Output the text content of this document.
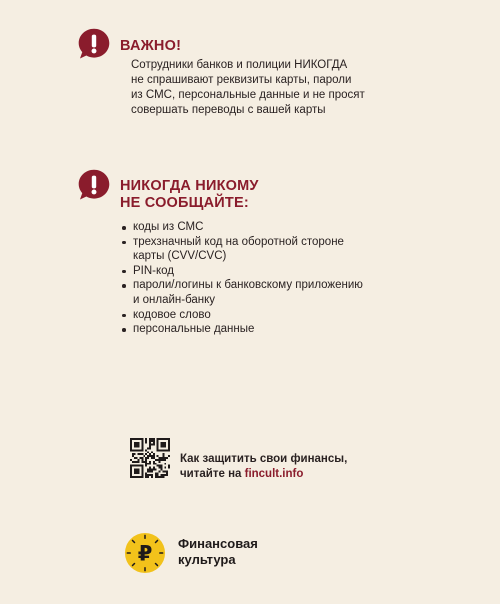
ВАЖНО!
Сотрудники банков и полиции НИКОГДА
не спрашивают реквизиты карты, пароли
из СМС, персональные данные и не просят
совершать переводы с вашей карты
НИКОГДА НИКОМУ
НЕ СООБЩАЙТЕ:
коды из СМС
трехзначный код на оборотной стороне
карты (CVV/CVC)
PIN-код
пароли/логины к банковскому приложению
и онлайн-банку
кодовое слово
персональные данные
Как защитить свои финансы,
читайте на fincult.info
₽ Финансовая
культура
